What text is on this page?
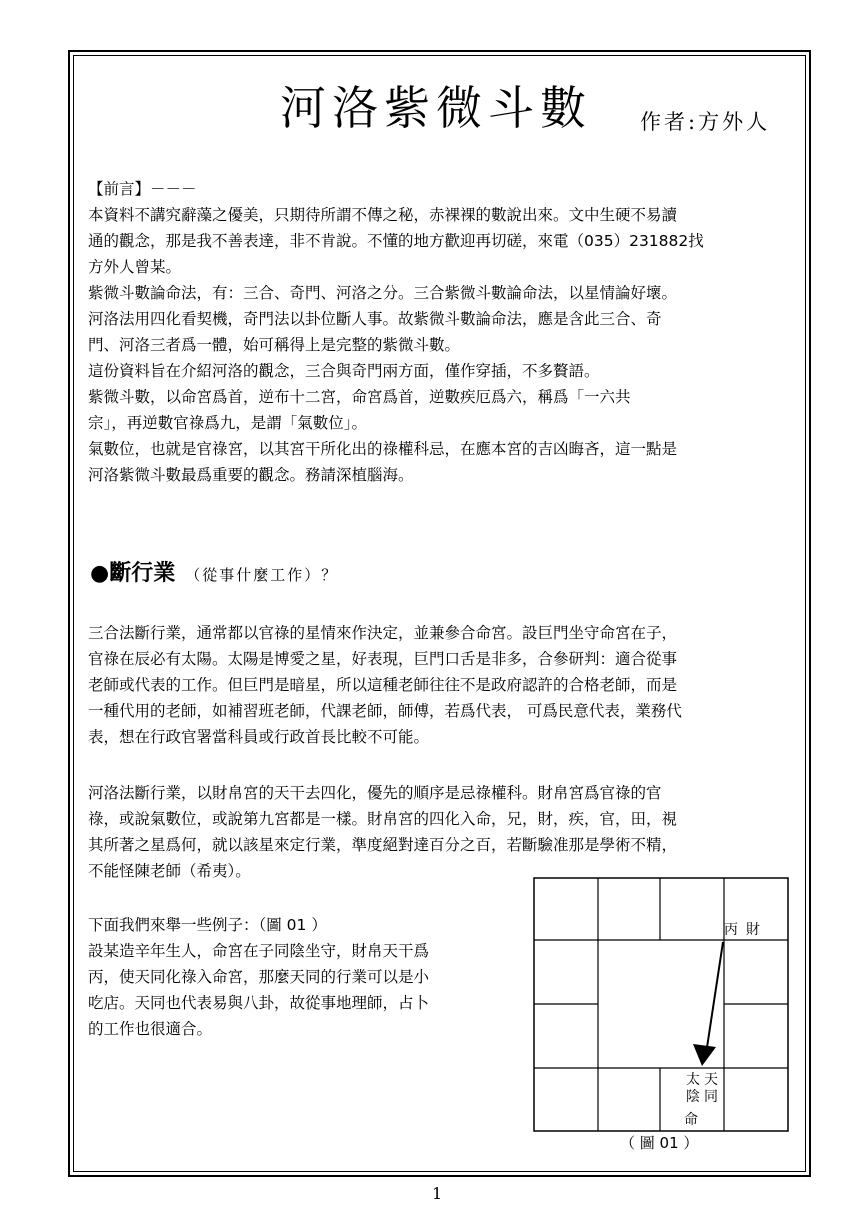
河洛紫微斗數 作者:方外人
【前言】－－－
本資料不講究辭藻之優美，只期待所謂不傳之秘，赤裸裸的數說出來。文中生硬不易讀
通的觀念，那是我不善表達，非不肯說。不懂的地方歡迎再切磋，來電（035）231882找
方外人曾某。
紫微斗數論命法，有：三合、奇門、河洛之分。三合紫微斗數論命法，以星情論好壞。
河洛法用四化看契機，奇門法以卦位斷人事。故紫微斗數論命法，應是含此三合、奇
門、河洛三者爲一體，始可稱得上是完整的紫微斗數。
這份資料旨在介紹河洛的觀念，三合與奇門兩方面，僅作穿插，不多贅語。
紫微斗數，以命宮爲首，逆布十二宮，命宮爲首，逆數疾厄爲六，稱爲「一六共
宗」，再逆數官祿爲九，是謂「氣數位」。
氣數位，也就是官祿宮，以其宮干所化出的祿權科忌，在應本宮的吉凶晦吝，這一點是
河洛紫微斗數最爲重要的觀念。務請深植腦海。
●斷行業 （從事什麼工作）？
三合法斷行業，通常都以官祿的星情來作決定，並兼參合命宮。設巨門坐守命宮在子，
官祿在辰必有太陽。太陽是博愛之星，好表現，巨門口舌是非多，合參研判：適合從事
老師或代表的工作。但巨門是暗星，所以這種老師往往不是政府認許的合格老師，而是
一種代用的老師，如補習班老師，代課老師，師傅，若爲代表， 可爲民意代表，業務代
表，想在行政官署當科員或行政首長比較不可能。
河洛法斷行業，以財帛宮的天干去四化，優先的順序是忌祿權科。財帛宮爲官祿的官
祿，或說氣數位，或說第九宮都是一樣。財帛宮的四化入命，兄，財，疾，官，田，視
其所著之星爲何，就以該星來定行業，準度絕對達百分之百，若斷驗准那是學術不精，
不能怪陳老師（希夷）。
下面我們來舉一些例子：（圖 01 ）
設某造辛年生人，命宮在子同陰坐守，財帛天干爲
丙，使天同化祿入命宮，那麼天同的行業可以是小
吃店。天同也代表易與八卦，故從事地理師，占卜
的工作也很適合。
丙 財
太
陰
天
同
命
（ 圖 01 ）
1
